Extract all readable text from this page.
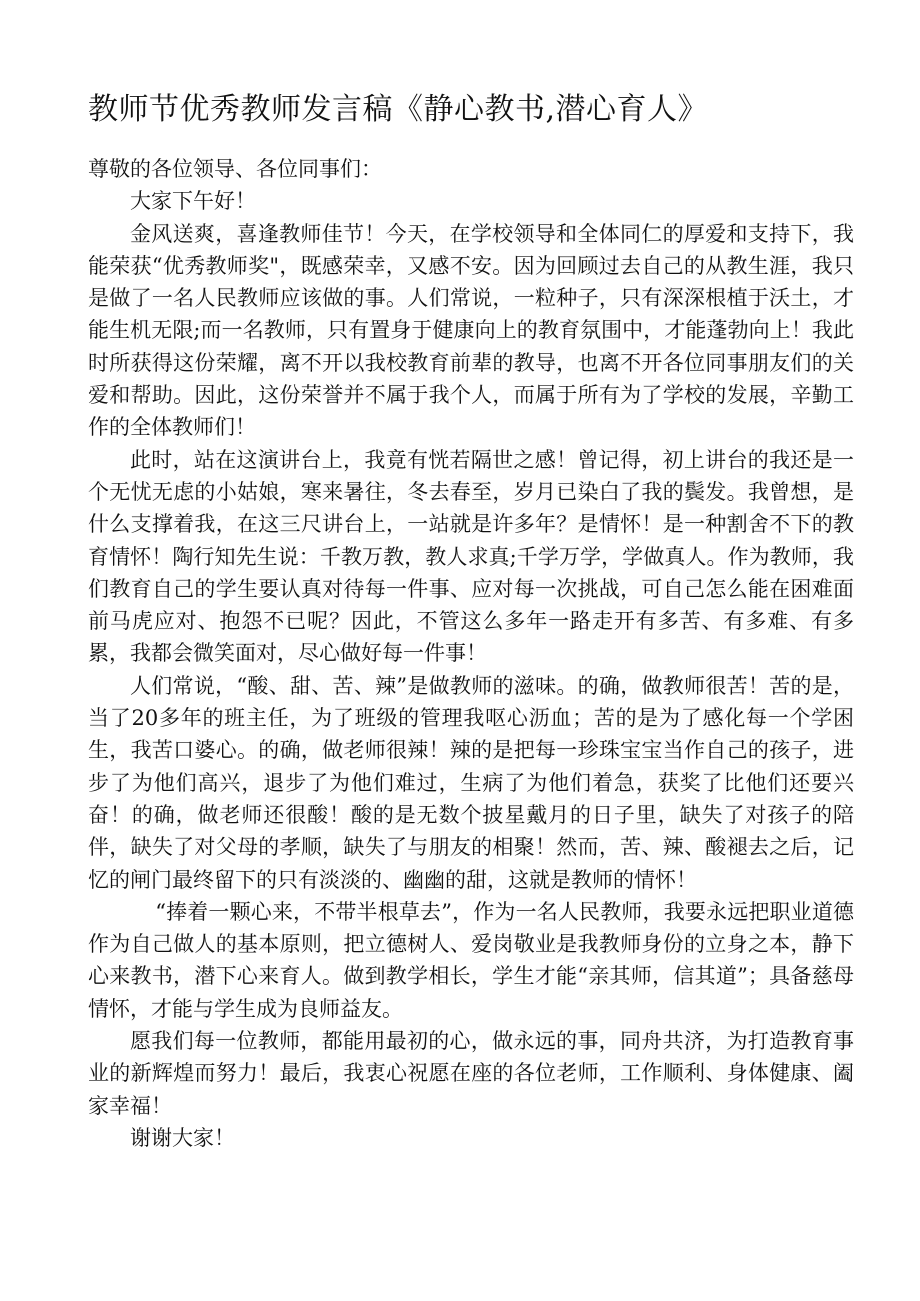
教师节优秀教师发言稿《静心教书,潜心育人》

尊敬的各位领导、各位同事们：

大家下午好！

金风送爽，喜逢教师佳节！今天，在学校领导和全体同仁的厚爱和支持下，我能荣获“优秀教师奖"，既感荣幸，又感不安。因为回顾过去自己的从教生涯，我只是做了一名人民教师应该做的事。人们常说，一粒种子，只有深深根植于沃土，才能生机无限;而一名教师，只有置身于健康向上的教育氛围中，才能蓬勃向上！我此时所获得这份荣耀，离不开以我校教育前辈的教导，也离不开各位同事朋友们的关爱和帮助。因此，这份荣誉并不属于我个人，而属于所有为了学校的发展，辛勤工作的全体教师们！

此时，站在这演讲台上，我竟有恍若隔世之感！曾记得，初上讲台的我还是一个无忧无虑的小姑娘，寒来暑往，冬去春至，岁月已染白了我的鬓发。我曾想，是什么支撑着我，在这三尺讲台上，一站就是许多年？是情怀！是一种割舍不下的教育情怀！陶行知先生说：千教万教，教人求真;千学万学，学做真人。作为教师，我们教育自己的学生要认真对待每一件事、应对每一次挑战，可自己怎么能在困难面前马虎应对、抱怨不已呢？因此，不管这么多年一路走开有多苦、有多难、有多累，我都会微笑面对，尽心做好每一件事！

人们常说，“酸、甜、苦、辣”是做教师的滋味。的确，做教师很苦！苦的是，当了20多年的班主任，为了班级的管理我呕心沥血；苦的是为了感化每一个学困生，我苦口婆心。的确，做老师很辣！辣的是把每一珍珠宝宝当作自己的孩子，进步了为他们高兴，退步了为他们难过，生病了为他们着急，获奖了比他们还要兴奋！的确，做老师还很酸！酸的是无数个披星戴月的日子里，缺失了对孩子的陪伴，缺失了对父母的孝顺，缺失了与朋友的相聚！然而，苦、辣、酸褪去之后，记忆的闸门最终留下的只有淡淡的、幽幽的甜，这就是教师的情怀！

“捧着一颗心来，不带半根草去”，作为一名人民教师，我要永远把职业道德作为自己做人的基本原则，把立德树人、爱岗敬业是我教师身份的立身之本，静下心来教书，潜下心来育人。做到教学相长，学生才能“亲其师，信其道”；具备慈母情怀，才能与学生成为良师益友。

愿我们每一位教师，都能用最初的心，做永远的事，同舟共济，为打造教育事业的新辉煌而努力！最后，我衷心祝愿在座的各位老师，工作顺利、身体健康、阖家幸福！

谢谢大家！
